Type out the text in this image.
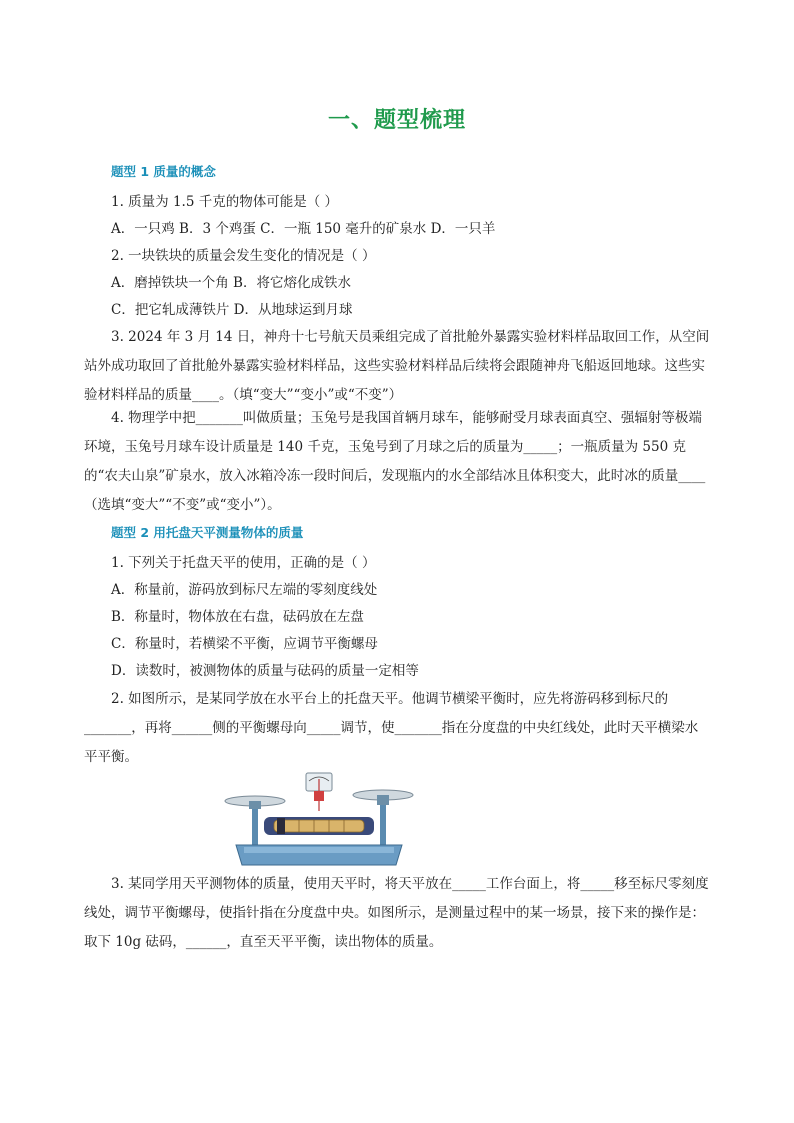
一、题型梳理
题型 1 质量的概念
1. 质量为 1.5 千克的物体可能是（ ）
A．一只鸡 B．3 个鸡蛋 C．一瓶 150 毫升的矿泉水 D．一只羊
2. 一块铁块的质量会发生变化的情况是（ ）
A．磨掉铁块一个角 B．将它熔化成铁水
C．把它轧成薄铁片 D．从地球运到月球
3. 2024 年 3 月 14 日，神舟十七号航天员乘组完成了首批舱外暴露实验材料样品取回工作，从空间站外成功取回了首批舱外暴露实验材料样品，这些实验材料样品后续将会跟随神舟飞船返回地球。这些实验材料样品的质量____。（填“变大”“变小”或“不变”）
4. 物理学中把_______叫做质量；玉兔号是我国首辆月球车，能够耐受月球表面真空、强辐射等极端环境，玉兔号月球车设计质量是 140 千克，玉兔号到了月球之后的质量为_____；一瓶质量为 550 克的“农夫山泉”矿泉水，放入冰箱冷冻一段时间后，发现瓶内的水全部结冰且体积变大，此时冰的质量____（选填“变大”“不变”或“变小”）。
题型 2 用托盘天平测量物体的质量
1. 下列关于托盘天平的使用，正确的是（ ）
A．称量前，游码放到标尺左端的零刻度线处
B．称量时，物体放在右盘，砝码放在左盘
C．称量时，若横梁不平衡，应调节平衡螺母
D．读数时，被测物体的质量与砝码的质量一定相等
2. 如图所示，是某同学放在水平台上的托盘天平。他调节横梁平衡时，应先将游码移到标尺的_______，再将______侧的平衡螺母向_____调节，使_______指在分度盘的中央红线处，此时天平横梁水平平衡。
3. 某同学用天平测物体的质量，使用天平时，将天平放在_____工作台面上，将_____移至标尺零刻度线处，调节平衡螺母，使指针指在分度盘中央。如图所示，是测量过程中的某一场景，接下来的操作是：取下 10g 砝码，______，直至天平平衡，读出物体的质量。
